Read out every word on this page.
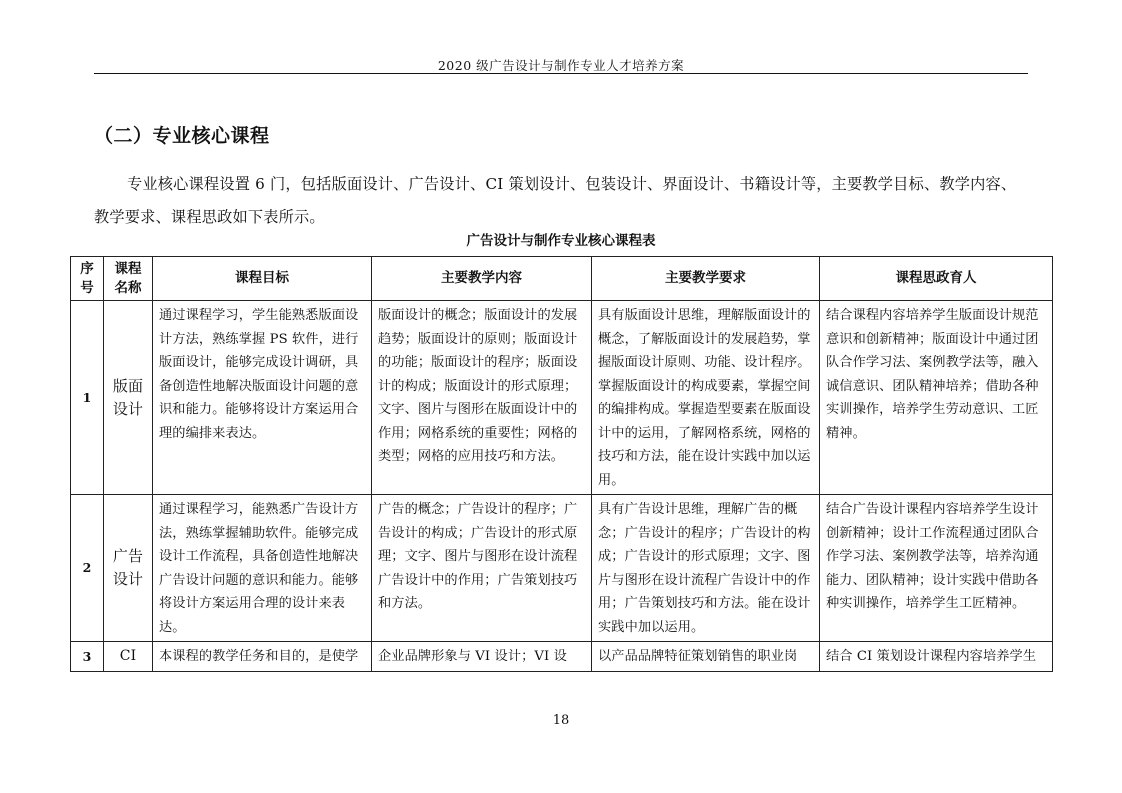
2020 级广告设计与制作专业人才培养方案
（二）专业核心课程
专业核心课程设置 6 门，包括版面设计、广告设计、CI 策划设计、包装设计、界面设计、书籍设计等，主要教学目标、教学内容、教学要求、课程思政如下表所示。
广告设计与制作专业核心课程表
序号	课程名称	课程目标	主要教学内容	主要教学要求	课程思政育人
1	版面设计	通过课程学习，学生能熟悉版面设计方法，熟练掌握 PS 软件，进行版面设计，能够完成设计调研，具备创造性地解决版面设计问题的意识和能力。能够将设计方案运用合理的编排来表达。	版面设计的概念；版面设计的发展趋势；版面设计的原则；版面设计的功能；版面设计的程序；版面设计的构成；版面设计的形式原理；文字、图片与图形在版面设计中的作用；网格系统的重要性；网格的类型；网格的应用技巧和方法。	具有版面设计思维，理解版面设计的概念，了解版面设计的发展趋势，掌握版面设计原则、功能、设计程序。掌握版面设计的构成要素，掌握空间的编排构成。掌握造型要素在版面设计中的运用，了解网格系统，网格的技巧和方法，能在设计实践中加以运用。	结合课程内容培养学生版面设计规范意识和创新精神；版面设计中通过团队合作学习法、案例教学法等，融入诚信意识、团队精神培养；借助各种实训操作，培养学生劳动意识、工匠精神。
2	广告设计	通过课程学习，能熟悉广告设计方法，熟练掌握辅助软件。能够完成设计工作流程，具备创造性地解决广告设计问题的意识和能力。能够将设计方案运用合理的设计来表达。	广告的概念；广告设计的程序；广告设计的构成；广告设计的形式原理；文字、图片与图形在设计流程广告设计中的作用；广告策划技巧和方法。	具有广告设计思维，理解广告的概念；广告设计的程序；广告设计的构成；广告设计的形式原理；文字、图片与图形在设计流程广告设计中的作用；广告策划技巧和方法。能在设计实践中加以运用。	结合广告设计课程内容培养学生设计创新精神；设计工作流程通过团队合作学习法、案例教学法等，培养沟通能力、团队精神；设计实践中借助各种实训操作，培养学生工匠精神。
3	CI	本课程的教学任务和目的，是使学	企业品牌形象与 VI 设计；VI 设	以产品品牌特征策划销售的职业岗	结合 CI 策划设计课程内容培养学生
18
